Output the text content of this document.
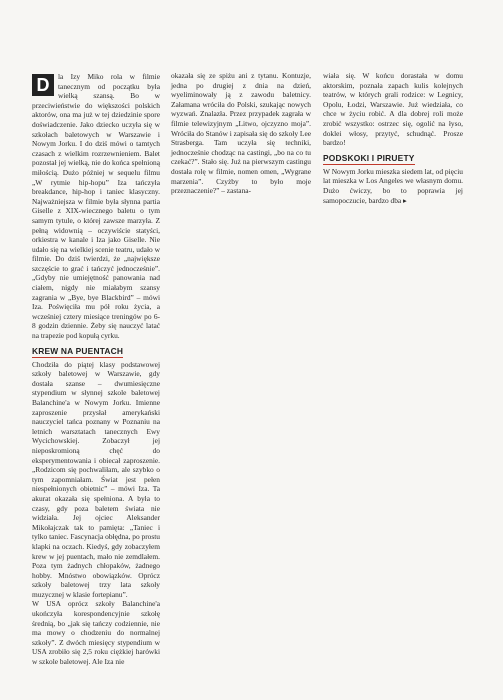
D	la Izy Miko rola w filmie tanecznym od początku była wielką szansą. Bo w przeciwieństwie do większości polskich aktorów, ona ma już w tej dziedzinie spore doświadczenie. Jako dziecko uczyła się w szkołach baletowych w Warszawie i Nowym Jorku. I do dziś mówi o tamtych czasach z wielkim rozrzewnieniem. Balet pozostał jej wielką, nie do końca spełnioną miłością. Dużo później w sequelu filmu „W rytmie hip-hopu” Iza tańczyła breakdance, hip-hop i taniec klasyczny. Najważniejsza w filmie była słynna partia Giselle z XIX-wiecznego baletu o tym samym tytule, o której zawsze marzyła. Z pełną widownią – oczywiście statyści, orkiestra w kanale i Iza jako Giselle. Nie udało się na wielkiej scenie teatru, udało w filmie. Do dziś twierdzi, że „największe szczęście to grać i tańczyć jednocześnie”. „Gdyby nie umiejętność panowania nad ciałem, nigdy nie miałabym szansy zagrania w „Bye, bye Blackbird” – mówi Iza. Poświęciła mu pół roku życia, a wcześniej cztery miesiące treningów po 6-8 godzin dziennie. Żeby się nauczyć latać na trapezie pod kopułą cyrku.

KREW NA PUENTACH

Chodziła do piątej klasy podstawowej szkoły baletowej w Warszawie, gdy dostała szanse – dwumiesięczne stypendium w słynnej szkole baletowej Balanchine'a w Nowym Jorku. Imienne zaproszenie przysłał amerykański nauczyciel tańca poznany w Poznaniu na letnich warsztatach tanecznych Ewy Wycichowskiej. Zobaczył jej nieposkromioną chęć do eksperymentowania i obiecał zaproszenie. „Rodzicom się pochwaliłam, ale szybko o tym zapomniałam. Świat jest pełen niespełnionych obietnic” – mówi Iza. Ta akurat okazała się spełniona. A była to czasy, gdy poza baletem świata nie widziała. Jej ojciec Aleksander Mikołajczak tak to pamięta: „Taniec i tylko taniec. Fascynacja obłędna, po prostu klapki na oczach. Kiedyś, gdy zobaczyłem krew w jej puentach, mało nie zemdlałem. Poza tym żadnych chłopaków, żadnego hobby. Mnóstwo obowiązków. Oprócz szkoły baletowej trzy lata szkoły muzycznej w klasie fortepianu”.

W USA oprócz szkoły Balanchine'a ukończyła korespondencyjnie szkołę średnią, bo „jak się tańczy codziennie, nie ma mowy o chodzeniu do normalnej szkoły”. Z dwóch miesięcy stypendium w USA zrobiło się 2,5 roku ciężkiej harówki w szkole baletowej. Ale Iza nie

okazała się ze spiżu ani z tytanu. Kontuzje, jedna po drugiej z dnia na dzień, wyeliminowały ją z zawodu baletnicy. Załamana wróciła do Polski, szukając nowych wyzwań. Znalazła. Przez przypadek zagrała w filmie telewizyjnym „Litwo, ojczyzno moja”. Wróciła do Stanów i zapisała się do szkoły Lee Strasberga. Tam uczyła się techniki, jednocześnie chodząc na castingi, „bo na co tu czekać?”. Stało się. Już na pierwszym castingu dostała rolę w filmie, nomen omen, „Wygrane marzenia”. Czyżby to było moje przeznaczenie?” – zastana-

wiała się. W końcu dorastała w domu aktorskim, poznała zapach kulis kolejnych teatrów, w których grali rodzice: w Legnicy, Opolu, Łodzi, Warszawie. Już wiedziała, co chce w życiu robić. A dla dobrej roli może zrobić wszystko: ostrzec się, ogolić na łyso, doklei włosy, przytyć, schudnąć. Prosze bardzo!

PODSKOKI I PIRUETY

W Nowym Jorku mieszka siedem lat, od pięciu lat mieszka w Los Angeles we własnym domu. Dużo ćwiczy, bo to poprawia jej samopoczucie, bardzo dba ▸
